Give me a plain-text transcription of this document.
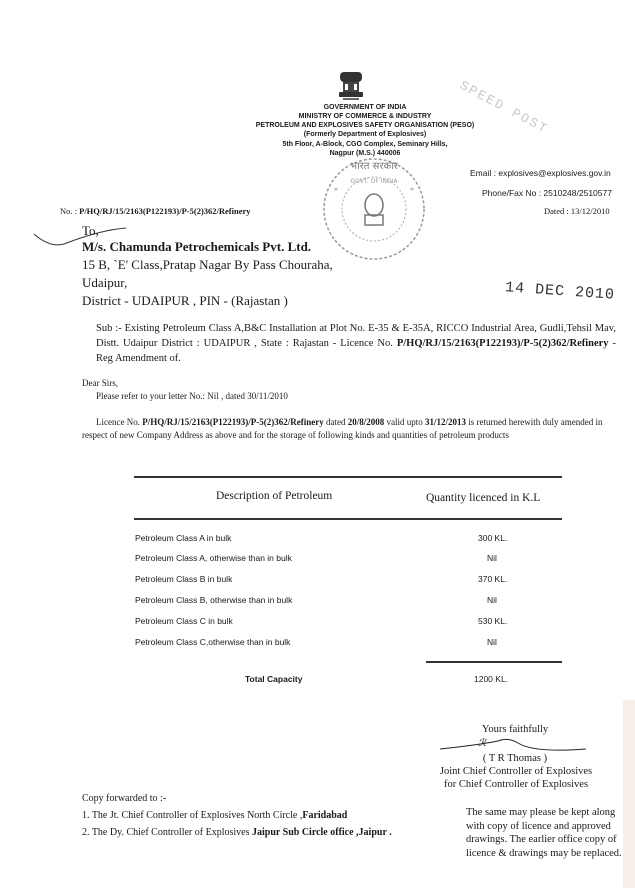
GOVERNMENT OF INDIA
MINISTRY OF COMMERCE & INDUSTRY
PETROLEUM AND EXPLOSIVES SAFETY ORGANISATION (PESO)
(Formerly Department of Explosives)
5th Floor, A-Block, CGO Complex, Seminary Hills,
Nagpur (M.S.) 440006
SPEED POST
भारत सरकार
GOVT. OF INDIA
*	*
Email : explosives@explosives.gov.in
Phone/Fax No : 2510248/2510577
Dated : 13/12/2010
No. : P/HQ/RJ/15/2163(P122193)/P-5(2)362/Refinery
To,
M/s. Chamunda Petrochemicals Pvt. Ltd.
15 B, `E' Class,Pratap Nagar By Pass Chouraha,
Udaipur,
District - UDAIPUR , PIN - (Rajastan )	14 DEC 2010
Sub :- Existing Petroleum Class A,B&C Installation at Plot No. E-35 & E-35A, RICCO Industrial Area, Gudli,Tehsil Mav, Distt. Udaipur District : UDAIPUR , State : Rajastan - Licence No. P/HQ/RJ/15/2163(P122193)/P-5(2)362/Refinery - Reg Amendment of.
Dear Sirs,
Please refer to your letter No.: Nil , dated 30/11/2010
Licence No. P/HQ/RJ/15/2163(P122193)/P-5(2)362/Refinery dated 20/8/2008 valid upto 31/12/2013 is returned herewith duly amended in respect of new Company Address as above and for the storage of following kinds and quantities of petroleum products
Description of Petroleum	Quantity licenced in K.L
Petroleum Class A in bulk	300 KL.
Petroleum Class A, otherwise than in bulk	Nil
Petroleum Class B in bulk	370 KL.
Petroleum Class B, otherwise than in bulk	Nil
Petroleum Class C in bulk	530 KL.
Petroleum Class C,otherwise than in bulk	Nil
Total Capacity	1200 KL.
Yours faithfully
ℛ
( T R Thomas )
Joint Chief Controller of Explosives
for Chief Controller of Explosives
Copy forwarded to :-
1. The Jt. Chief Controller of Explosives North Circle ,Faridabad
2. The Dy. Chief Controller of Explosives Jaipur Sub Circle office ,Jaipur .
The same may please be kept along with copy of licence and approved drawings. The earlier office copy of licence & drawings may be replaced.
